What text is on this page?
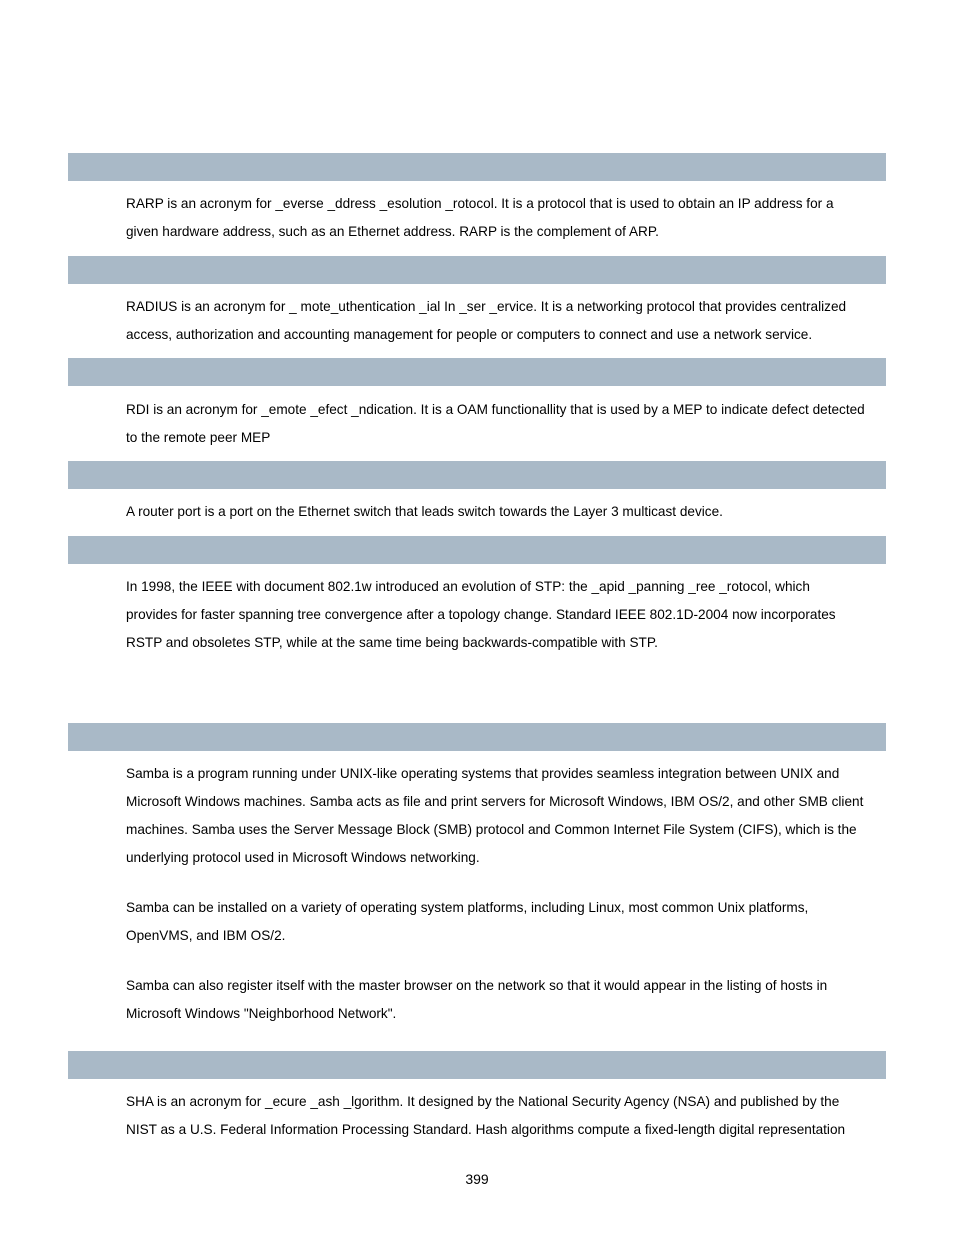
RARP is an acronym for _everse _ddress _esolution _rotocol. It is a protocol that is used to obtain an IP address for a
given hardware address, such as an Ethernet address. RARP is the complement of ARP.

RADIUS is an acronym for _ mote_uthentication _ial In _ser _ervice. It is a networking protocol that provides centralized
access, authorization and accounting management for people or computers to connect and use a network service.

RDI is an acronym for _emote _efect _ndication. It is a OAM functionallity that is used by a MEP to indicate defect detected
to the remote peer MEP

A router port is a port on the Ethernet switch that leads switch towards the Layer 3 multicast device.

In 1998, the IEEE with document 802.1w introduced an evolution of STP: the _apid _panning _ree _rotocol, which
provides for faster spanning tree convergence after a topology change. Standard IEEE 802.1D-2004 now incorporates
RSTP and obsoletes STP, while at the same time being backwards-compatible with STP.

Samba is a program running under UNIX-like operating systems that provides seamless integration between UNIX and
Microsoft Windows machines. Samba acts as file and print servers for Microsoft Windows, IBM OS/2, and other SMB client
machines. Samba uses the Server Message Block (SMB) protocol and Common Internet File System (CIFS), which is the
underlying protocol used in Microsoft Windows networking.

Samba can be installed on a variety of operating system platforms, including Linux, most common Unix platforms,
OpenVMS, and IBM OS/2.

Samba can also register itself with the master browser on the network so that it would appear in the listing of hosts in
Microsoft Windows "Neighborhood Network".

SHA is an acronym for _ecure _ash _lgorithm. It designed by the National Security Agency (NSA) and published by the
NIST as a U.S. Federal Information Processing Standard. Hash algorithms compute a fixed-length digital representation

399
